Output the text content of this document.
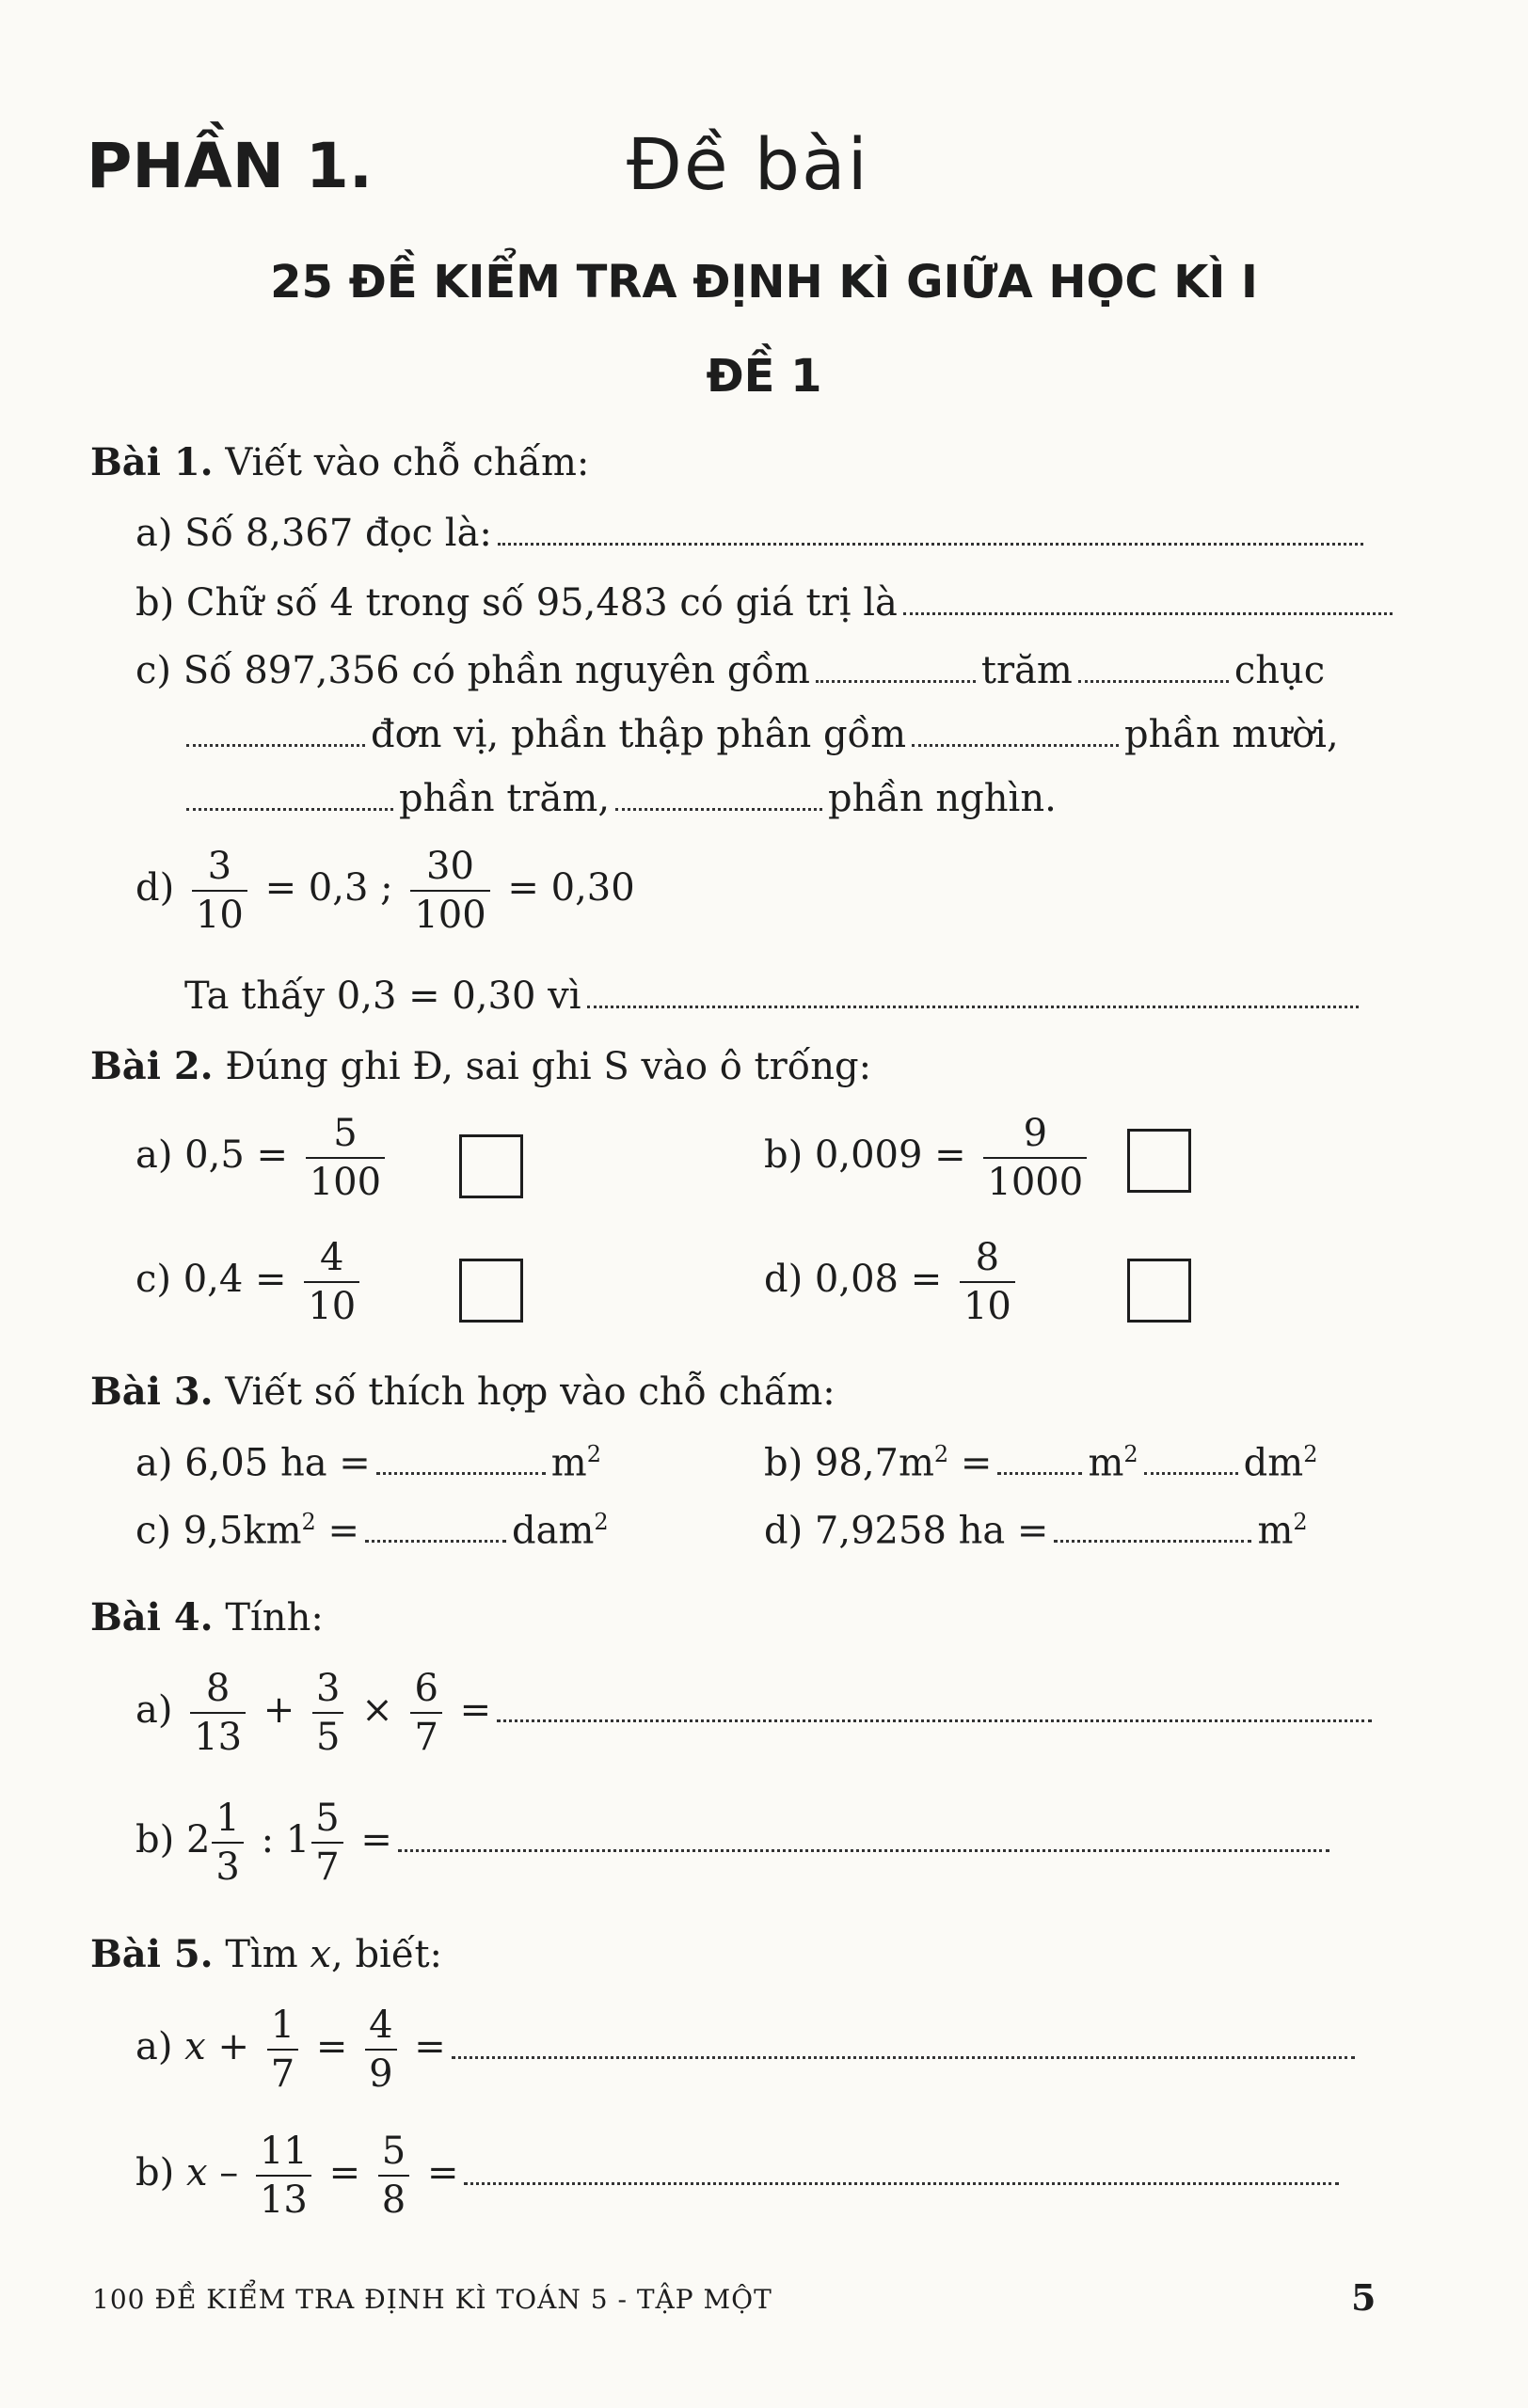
PHẦN 1.	Đề bài
25 ĐỀ KIỂM TRA ĐỊNH KÌ GIỮA HỌC KÌ I
ĐỀ 1
Bài 1. Viết vào chỗ chấm:
a) Số 8,367 đọc là:
b) Chữ số 4 trong số 95,483 có giá trị là
c) Số 897,356 có phần nguyên gồm	trăm	chục
đơn vị, phần thập phân gồm	phần mười,
phần trăm,	phần nghìn.
$d) \frac{3}{10} = 0,3$ ; $\frac{30}{100} = 0,30$
Ta thấy 0,3 = 0,30 vì
Bài 2. Đúng ghi Đ, sai ghi S vào ô trống:
a) $0,5 = \frac{5}{100}$	b) $0,009 = \frac{9}{1000}$
c) $0,4 = \frac{4}{10}$	d) $0,08 = \frac{8}{10}$
Bài 3. Viết số thích hợp vào chỗ chấm:
a) 6,05 ha =	$m^2$	b) $98,7m^2$ =	$m^2$	$dm^2$
c) $9,5km^2$ =	dam$^2$	d) 7,9258 ha =	$m^2$
Bài 4. Tính:
$a) \frac{8}{13} + \frac{3}{5} \times \frac{6}{7}$ =
b) $2 \frac{1}{3}$ : $1 \frac{5}{7}$ =
Bài 5. Tìm x, biết:
a) $x + \frac{1}{7} = \frac{4}{9}$ =
b) $x - \frac{11}{13} = \frac{5}{8}$ =
100 ĐỀ KIỂM TRA ĐỊNH KÌ TOÁN 5 - TẬP MỘT	5
